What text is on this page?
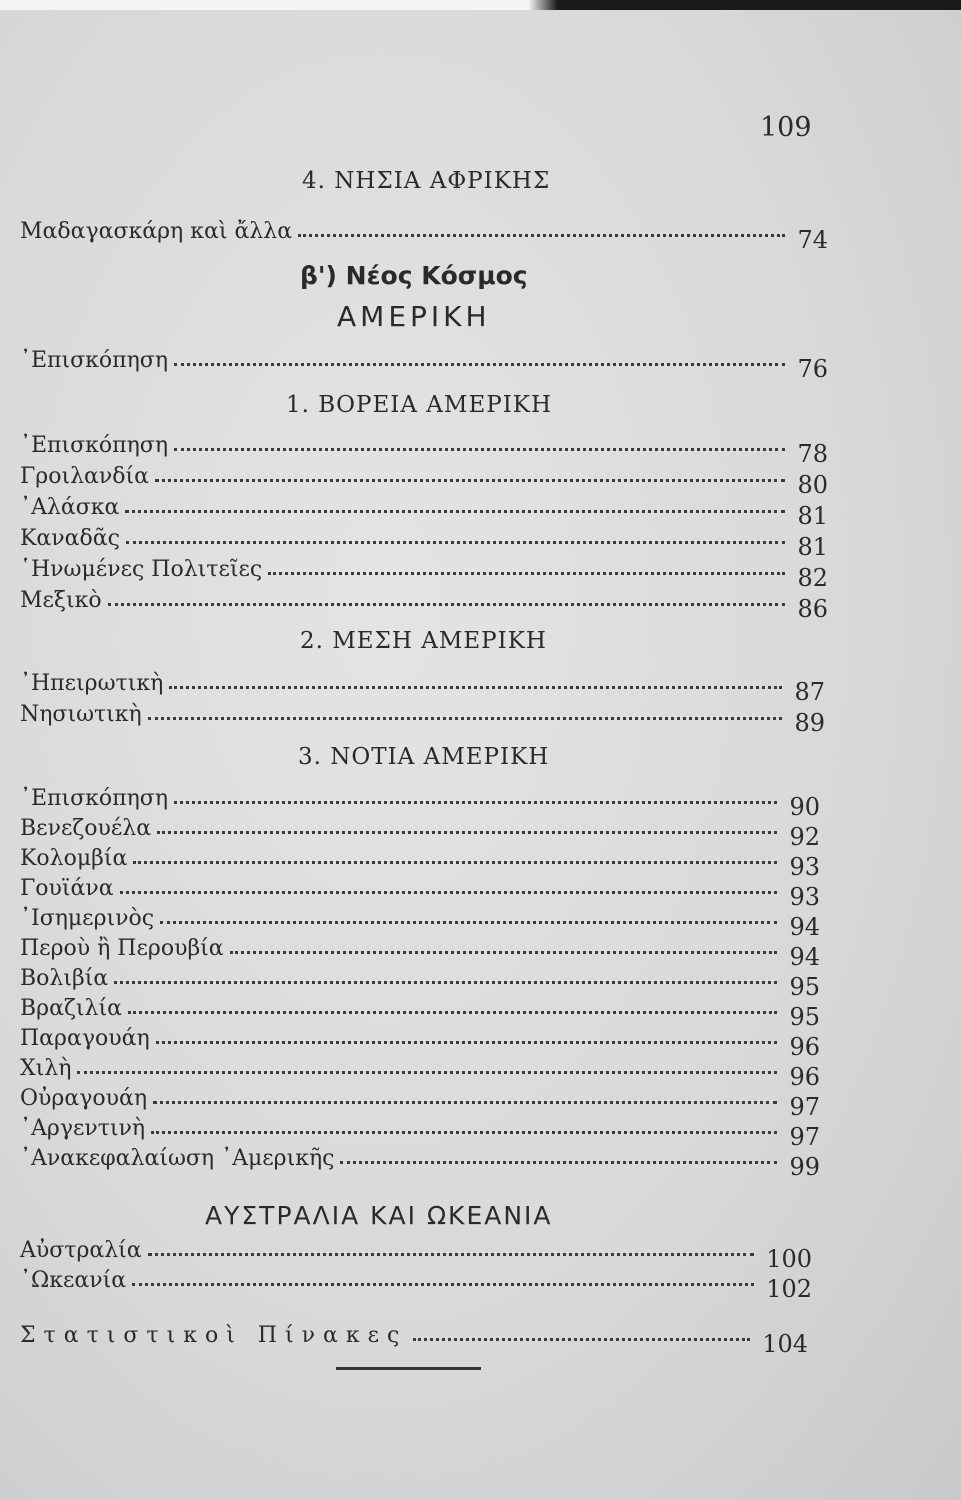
109
4. ΝΗΣΙΑ ΑΦΡΙΚΗΣ
Μαδαγασκάρη καὶ ἄλλα	74
β') Νέος Κόσμος
ΑΜΕΡΙΚΗ
᾿Επισκόπηση	76
1. ΒΟΡΕΙΑ ΑΜΕΡΙΚΗ
᾿Επισκόπηση	78
Γροιλανδία	80
᾿Αλάσκα	81
Καναδᾶς	81
῾Ηνωμένες Πολιτεῖες	82
Μεξικὸ	86
2. ΜΕΣΗ ΑΜΕΡΙΚΗ
᾿Ηπειρωτικὴ	87
Νησιωτικὴ	89
3. ΝΟΤΙΑ ΑΜΕΡΙΚΗ
᾿Επισκόπηση	90
Βενεζουέλα	92
Κολομβία	93
Γουϊάνα	93
᾿Ισημερινὸς	94
Περοὺ ἢ Περουβία	94
Βολιβία	95
Βραζιλία	95
Παραγουάη	96
Χιλὴ	96
Οὐραγουάη	97
᾿Αργεντινὴ	97
᾿Ανακεφαλαίωση ᾿Αμερικῆς	99
ΑΥΣΤΡΑΛΙΑ ΚΑΙ ΩΚΕΑΝΙΑ
Αὐστραλία	100
᾿Ωκεανία	102
Στατιστικοὶ Πίνακες	104
